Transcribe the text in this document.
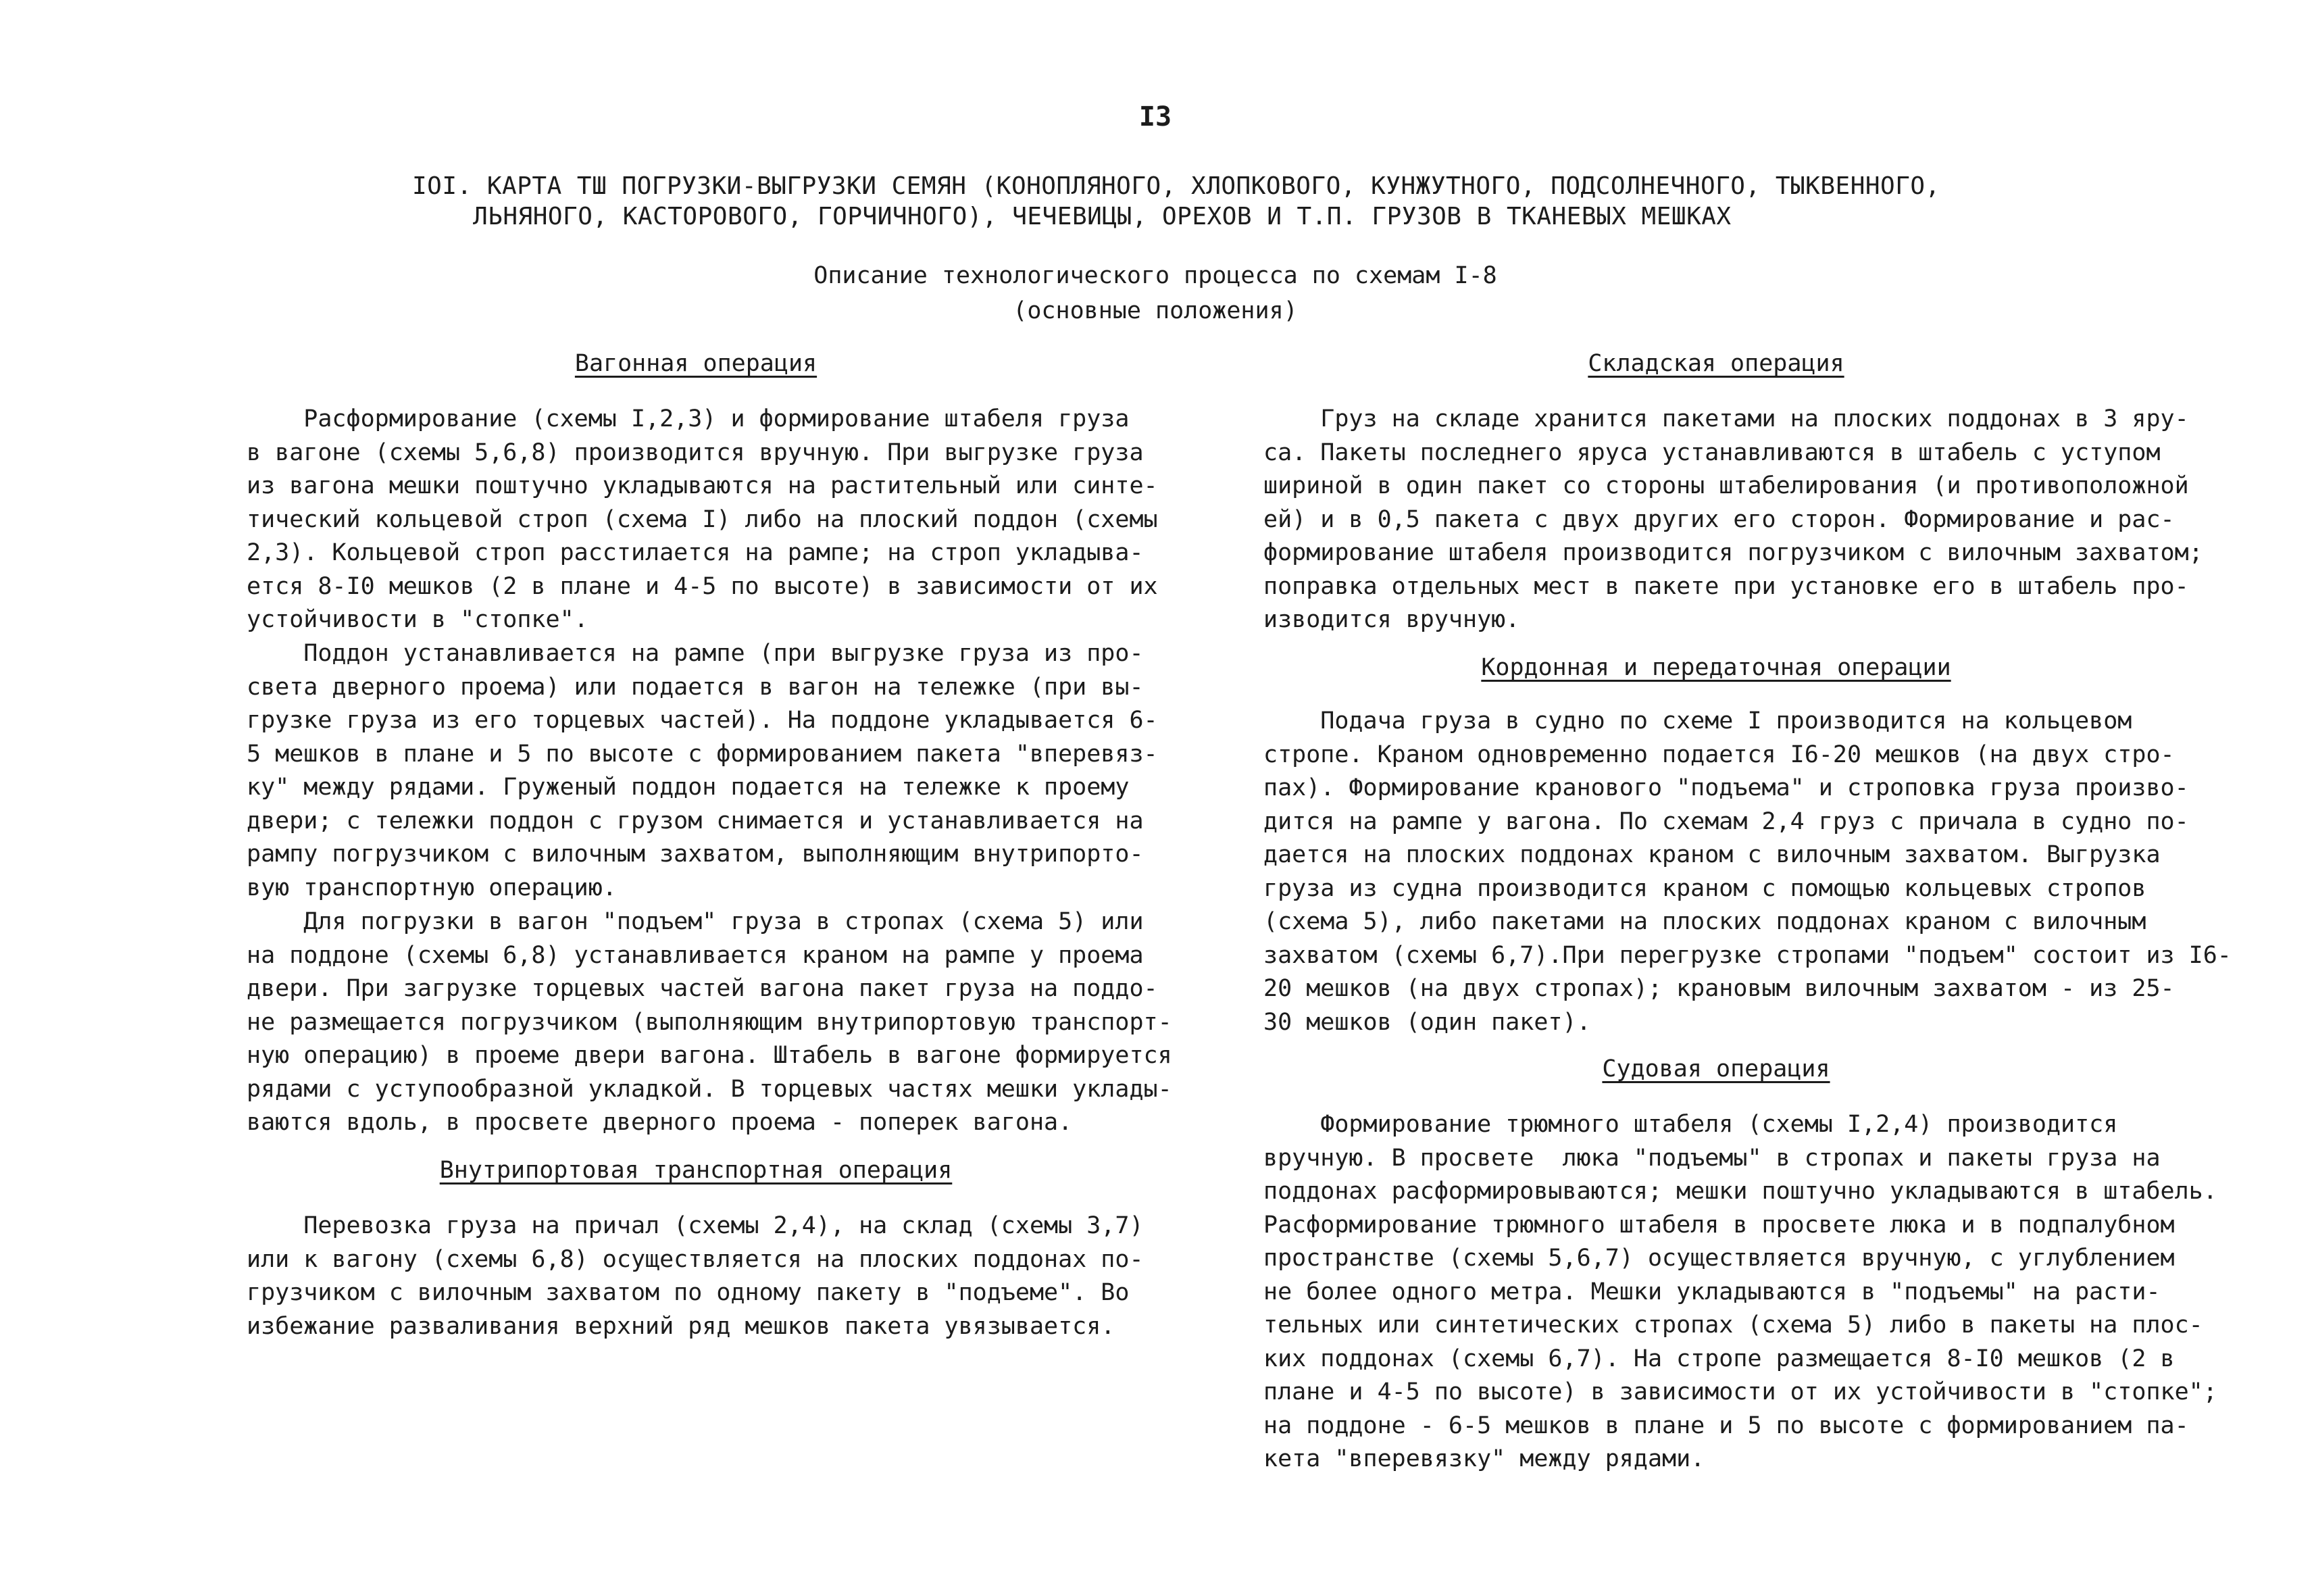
I3
IOI. КАРТА ТШ ПОГРУЗКИ-ВЫГРУЗКИ СЕМЯН (КОНОПЛЯНОГО, ХЛОПКОВОГО, КУНЖУТНОГО, ПОДСОЛНЕЧНОГО, ТЫКВЕННОГО,
ЛЬНЯНОГО, КАСТОРОВОГО, ГОРЧИЧНОГО), ЧЕЧЕВИЦЫ, ОРЕХОВ И Т.П. ГРУЗОВ В ТКАНЕВЫХ МЕШКАХ
Описание технологического процесса по схемам I-8
(основные положения)
Вагонная операция
Расформирование (схемы I,2,3) и формирование штабеля груза
в вагоне (схемы 5,6,8) производится вручную. При выгрузке груза
из вагона мешки поштучно укладываются на растительный или синте-
тический кольцевой строп (схема I) либо на плоский поддон (схемы
2,3). Кольцевой строп расстилается на рампе; на строп укладыва-
ется 8-I0 мешков (2 в плане и 4-5 по высоте) в зависимости от их
устойчивости в "стопке".
Поддон устанавливается на рампе (при выгрузке груза из про-
света дверного проема) или подается в вагон на тележке (при вы-
грузке груза из его торцевых частей). На поддоне укладывается 6-
5 мешков в плане и 5 по высоте с формированием пакета "вперевяз-
ку" между рядами. Груженый поддон подается на тележке к проему
двери; с тележки поддон с грузом снимается и устанавливается на
рампу погрузчиком с вилочным захватом, выполняющим внутрипорто-
вую транспортную операцию.
Для погрузки в вагон "подъем" груза в стропах (схема 5) или
на поддоне (схемы 6,8) устанавливается краном на рампе у проема
двери. При загрузке торцевых частей вагона пакет груза на поддо-
не размещается погрузчиком (выполняющим внутрипортовую транспорт-
ную операцию) в проеме двери вагона. Штабель в вагоне формируется
рядами с уступообразной укладкой. В торцевых частях мешки уклады-
ваются вдоль, в просвете дверного проема - поперек вагона.
Внутрипортовая транспортная операция
Перевозка груза на причал (схемы 2,4), на склад (схемы 3,7)
или к вагону (схемы 6,8) осуществляется на плоских поддонах по-
грузчиком с вилочным захватом по одному пакету в "подъеме". Во
избежание разваливания верхний ряд мешков пакета увязывается.
Складская операция
Груз на складе хранится пакетами на плоских поддонах в 3 яру-
са. Пакеты последнего яруса устанавливаются в штабель с уступом
шириной в один пакет со стороны штабелирования (и противоположной
ей) и в 0,5 пакета с двух других его сторон. Формирование и рас-
формирование штабеля производится погрузчиком с вилочным захватом;
поправка отдельных мест в пакете при установке его в штабель про-
изводится вручную.
Кордонная и передаточная операции
Подача груза в судно по схеме I производится на кольцевом
стропе. Краном одновременно подается I6-20 мешков (на двух стро-
пах). Формирование кранового "подъема" и строповка груза произво-
дится на рампе у вагона. По схемам 2,4 груз с причала в судно по-
дается на плоских поддонах краном с вилочным захватом. Выгрузка
груза из судна производится краном с помощью кольцевых стропов
(схема 5), либо пакетами на плоских поддонах краном с вилочным
захватом (схемы 6,7).При перегрузке стропами "подъем" состоит из I6-
20 мешков (на двух стропах); крановым вилочным захватом - из 25-
30 мешков (один пакет).
Судовая операция
Формирование трюмного штабеля (схемы I,2,4) производится
вручную. В просвете  люка "подъемы" в стропах и пакеты груза на
поддонах расформировываются; мешки поштучно укладываются в штабель.
Расформирование трюмного штабеля в просвете люка и в подпалубном
пространстве (схемы 5,6,7) осуществляется вручную, с углублением
не более одного метра. Мешки укладываются в "подъемы" на расти-
тельных или синтетических стропах (схема 5) либо в пакеты на плос-
ких поддонах (схемы 6,7). На стропе размещается 8-I0 мешков (2 в
плане и 4-5 по высоте) в зависимости от их устойчивости в "стопке";
на поддоне - 6-5 мешков в плане и 5 по высоте с формированием па-
кета "вперевязку" между рядами.
